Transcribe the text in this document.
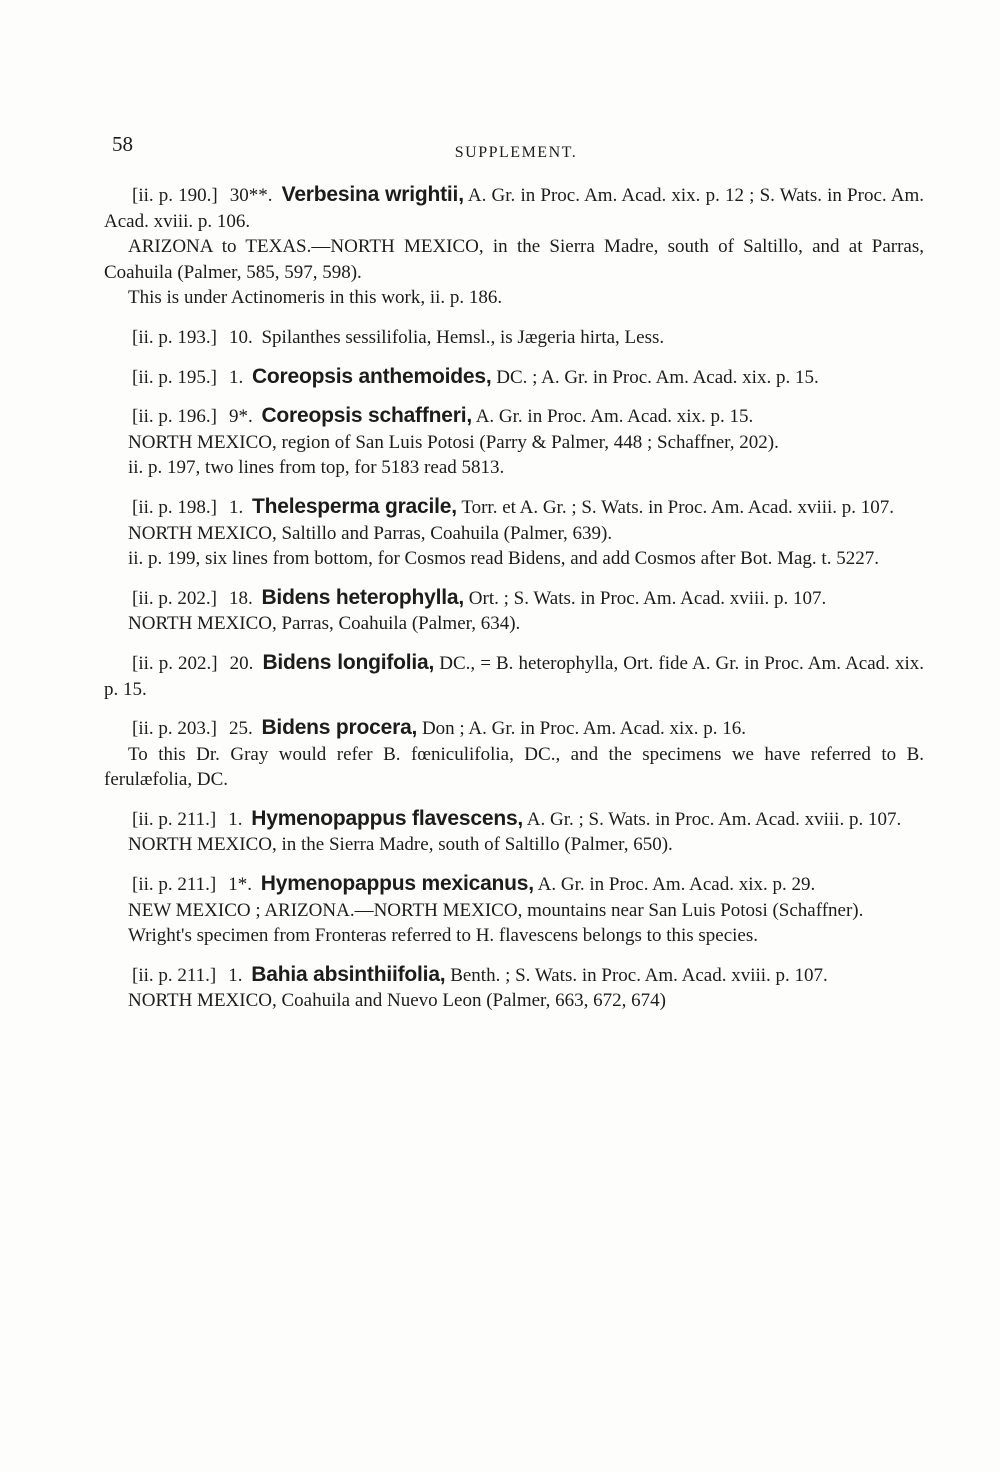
58	SUPPLEMENT.

[ii. p. 190.] 30**. Verbesina wrightii, A. Gr. in Proc. Am. Acad. xix. p. 12 ; S. Wats. in Proc. Am. Acad. xviii. p. 106.

ARIZONA to TEXAS.—NORTH MEXICO, in the Sierra Madre, south of Saltillo, and at Parras, Coahuila (Palmer, 585, 597, 598).

This is under Actinomeris in this work, ii. p. 186.

[ii. p. 193.] 10. Spilanthes sessilifolia, Hemsl., is Jægeria hirta, Less.

[ii. p. 195.] 1. Coreopsis anthemoides, DC. ; A. Gr. in Proc. Am. Acad. xix. p. 15.

[ii. p. 196.] 9*. Coreopsis schaffneri, A. Gr. in Proc. Am. Acad. xix. p. 15.

NORTH MEXICO, region of San Luis Potosi (Parry & Palmer, 448 ; Schaffner, 202).

ii. p. 197, two lines from top, for 5183 read 5813.

[ii. p. 198.] 1. Thelesperma gracile, Torr. et A. Gr. ; S. Wats. in Proc. Am. Acad. xviii. p. 107.

NORTH MEXICO, Saltillo and Parras, Coahuila (Palmer, 639).

ii. p. 199, six lines from bottom, for Cosmos read Bidens, and add Cosmos after Bot. Mag. t. 5227.

[ii. p. 202.] 18. Bidens heterophylla, Ort. ; S. Wats. in Proc. Am. Acad. xviii. p. 107.

NORTH MEXICO, Parras, Coahuila (Palmer, 634).

[ii. p. 202.] 20. Bidens longifolia, DC., = B. heterophylla, Ort. fide A. Gr. in Proc. Am. Acad. xix. p. 15.

[ii. p. 203.] 25. Bidens procera, Don ; A. Gr. in Proc. Am. Acad. xix. p. 16.

To this Dr. Gray would refer B. fœniculifolia, DC., and the specimens we have referred to B. ferulæfolia, DC.

[ii. p. 211.] 1. Hymenopappus flavescens, A. Gr. ; S. Wats. in Proc. Am. Acad. xviii. p. 107.

NORTH MEXICO, in the Sierra Madre, south of Saltillo (Palmer, 650).

[ii. p. 211.] 1*. Hymenopappus mexicanus, A. Gr. in Proc. Am. Acad. xix. p. 29.

NEW MEXICO ; ARIZONA.—NORTH MEXICO, mountains near San Luis Potosi (Schaffner).

Wright's specimen from Fronteras referred to H. flavescens belongs to this species.

[ii. p. 211.] 1. Bahia absinthiifolia, Benth. ; S. Wats. in Proc. Am. Acad. xviii. p. 107.

NORTH MEXICO, Coahuila and Nuevo Leon (Palmer, 663, 672, 674)
